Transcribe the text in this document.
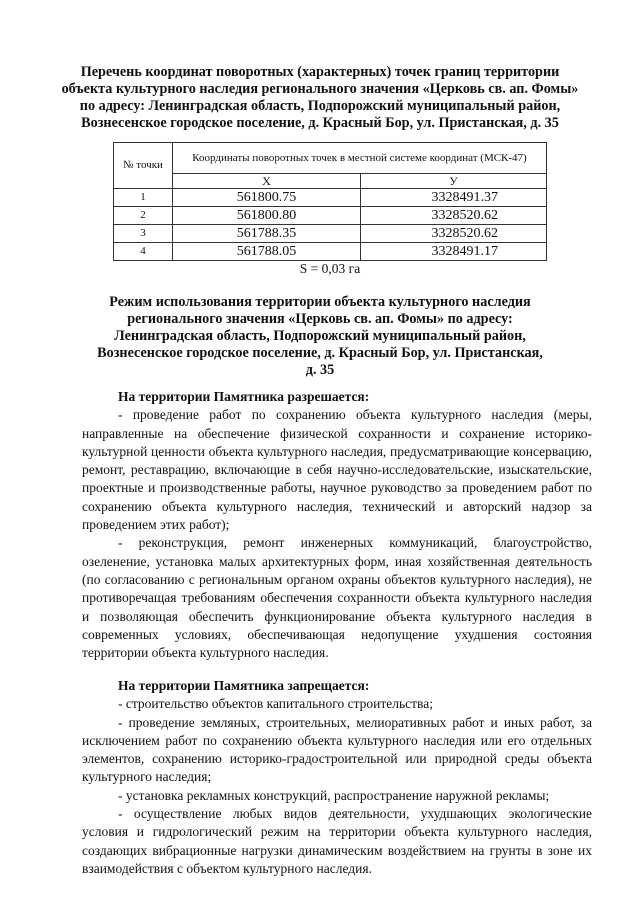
Перечень координат поворотных (характерных) точек границ территории
объекта культурного наследия регионального значения «Церковь св. ап. Фомы»
по адресу: Ленинградская область, Подпорожский муниципальный район,
Вознесенское городское поселение, д. Красный Бор, ул. Пристанская, д. 35
№ точки	Координаты поворотных точек в местной системе координат (МСК-47)	
	X	У
1	561800.75	3328491.37
2	561800.80	3328520.62
3	561788.35	3328520.62
4	561788.05	3328491.17
S = 0,03 га
Режим использования территории объекта культурного наследия
регионального значения «Церковь св. ап. Фомы» по адресу:
Ленинградская область, Подпорожский муниципальный район,
Вознесенское городское поселение, д. Красный Бор, ул. Пристанская,
д. 35

На территории Памятника разрешается:

- проведение работ по сохранению объекта культурного наследия (меры, направленные на обеспечение физической сохранности и сохранение историко-культурной ценности объекта культурного наследия, предусматривающие консервацию, ремонт, реставрацию, включающие в себя научно-исследовательские, изыскательские, проектные и производственные работы, научное руководство за проведением работ по сохранению объекта культурного наследия, технический и авторский надзор за проведением этих работ);

- реконструкция, ремонт инженерных коммуникаций, благоустройство, озеленение, установка малых архитектурных форм, иная хозяйственная деятельность (по согласованию с региональным органом охраны объектов культурного наследия), не противоречащая требованиям обеспечения сохранности объекта культурного наследия и позволяющая обеспечить функционирование объекта культурного наследия в современных условиях, обеспечивающая недопущение ухудшения состояния территории объекта культурного наследия.

На территории Памятника запрещается:

- строительство объектов капитального строительства;

- проведение земляных, строительных, мелиоративных работ и иных работ, за исключением работ по сохранению объекта культурного наследия или его отдельных элементов, сохранению историко-градостроительной или природной среды объекта культурного наследия;

- установка рекламных конструкций, распространение наружной рекламы;

- осуществление любых видов деятельности, ухудшающих экологические условия и гидрологический режим на территории объекта культурного наследия, создающих вибрационные нагрузки динамическим воздействием на грунты в зоне их взаимодействия с объектом культурного наследия.
